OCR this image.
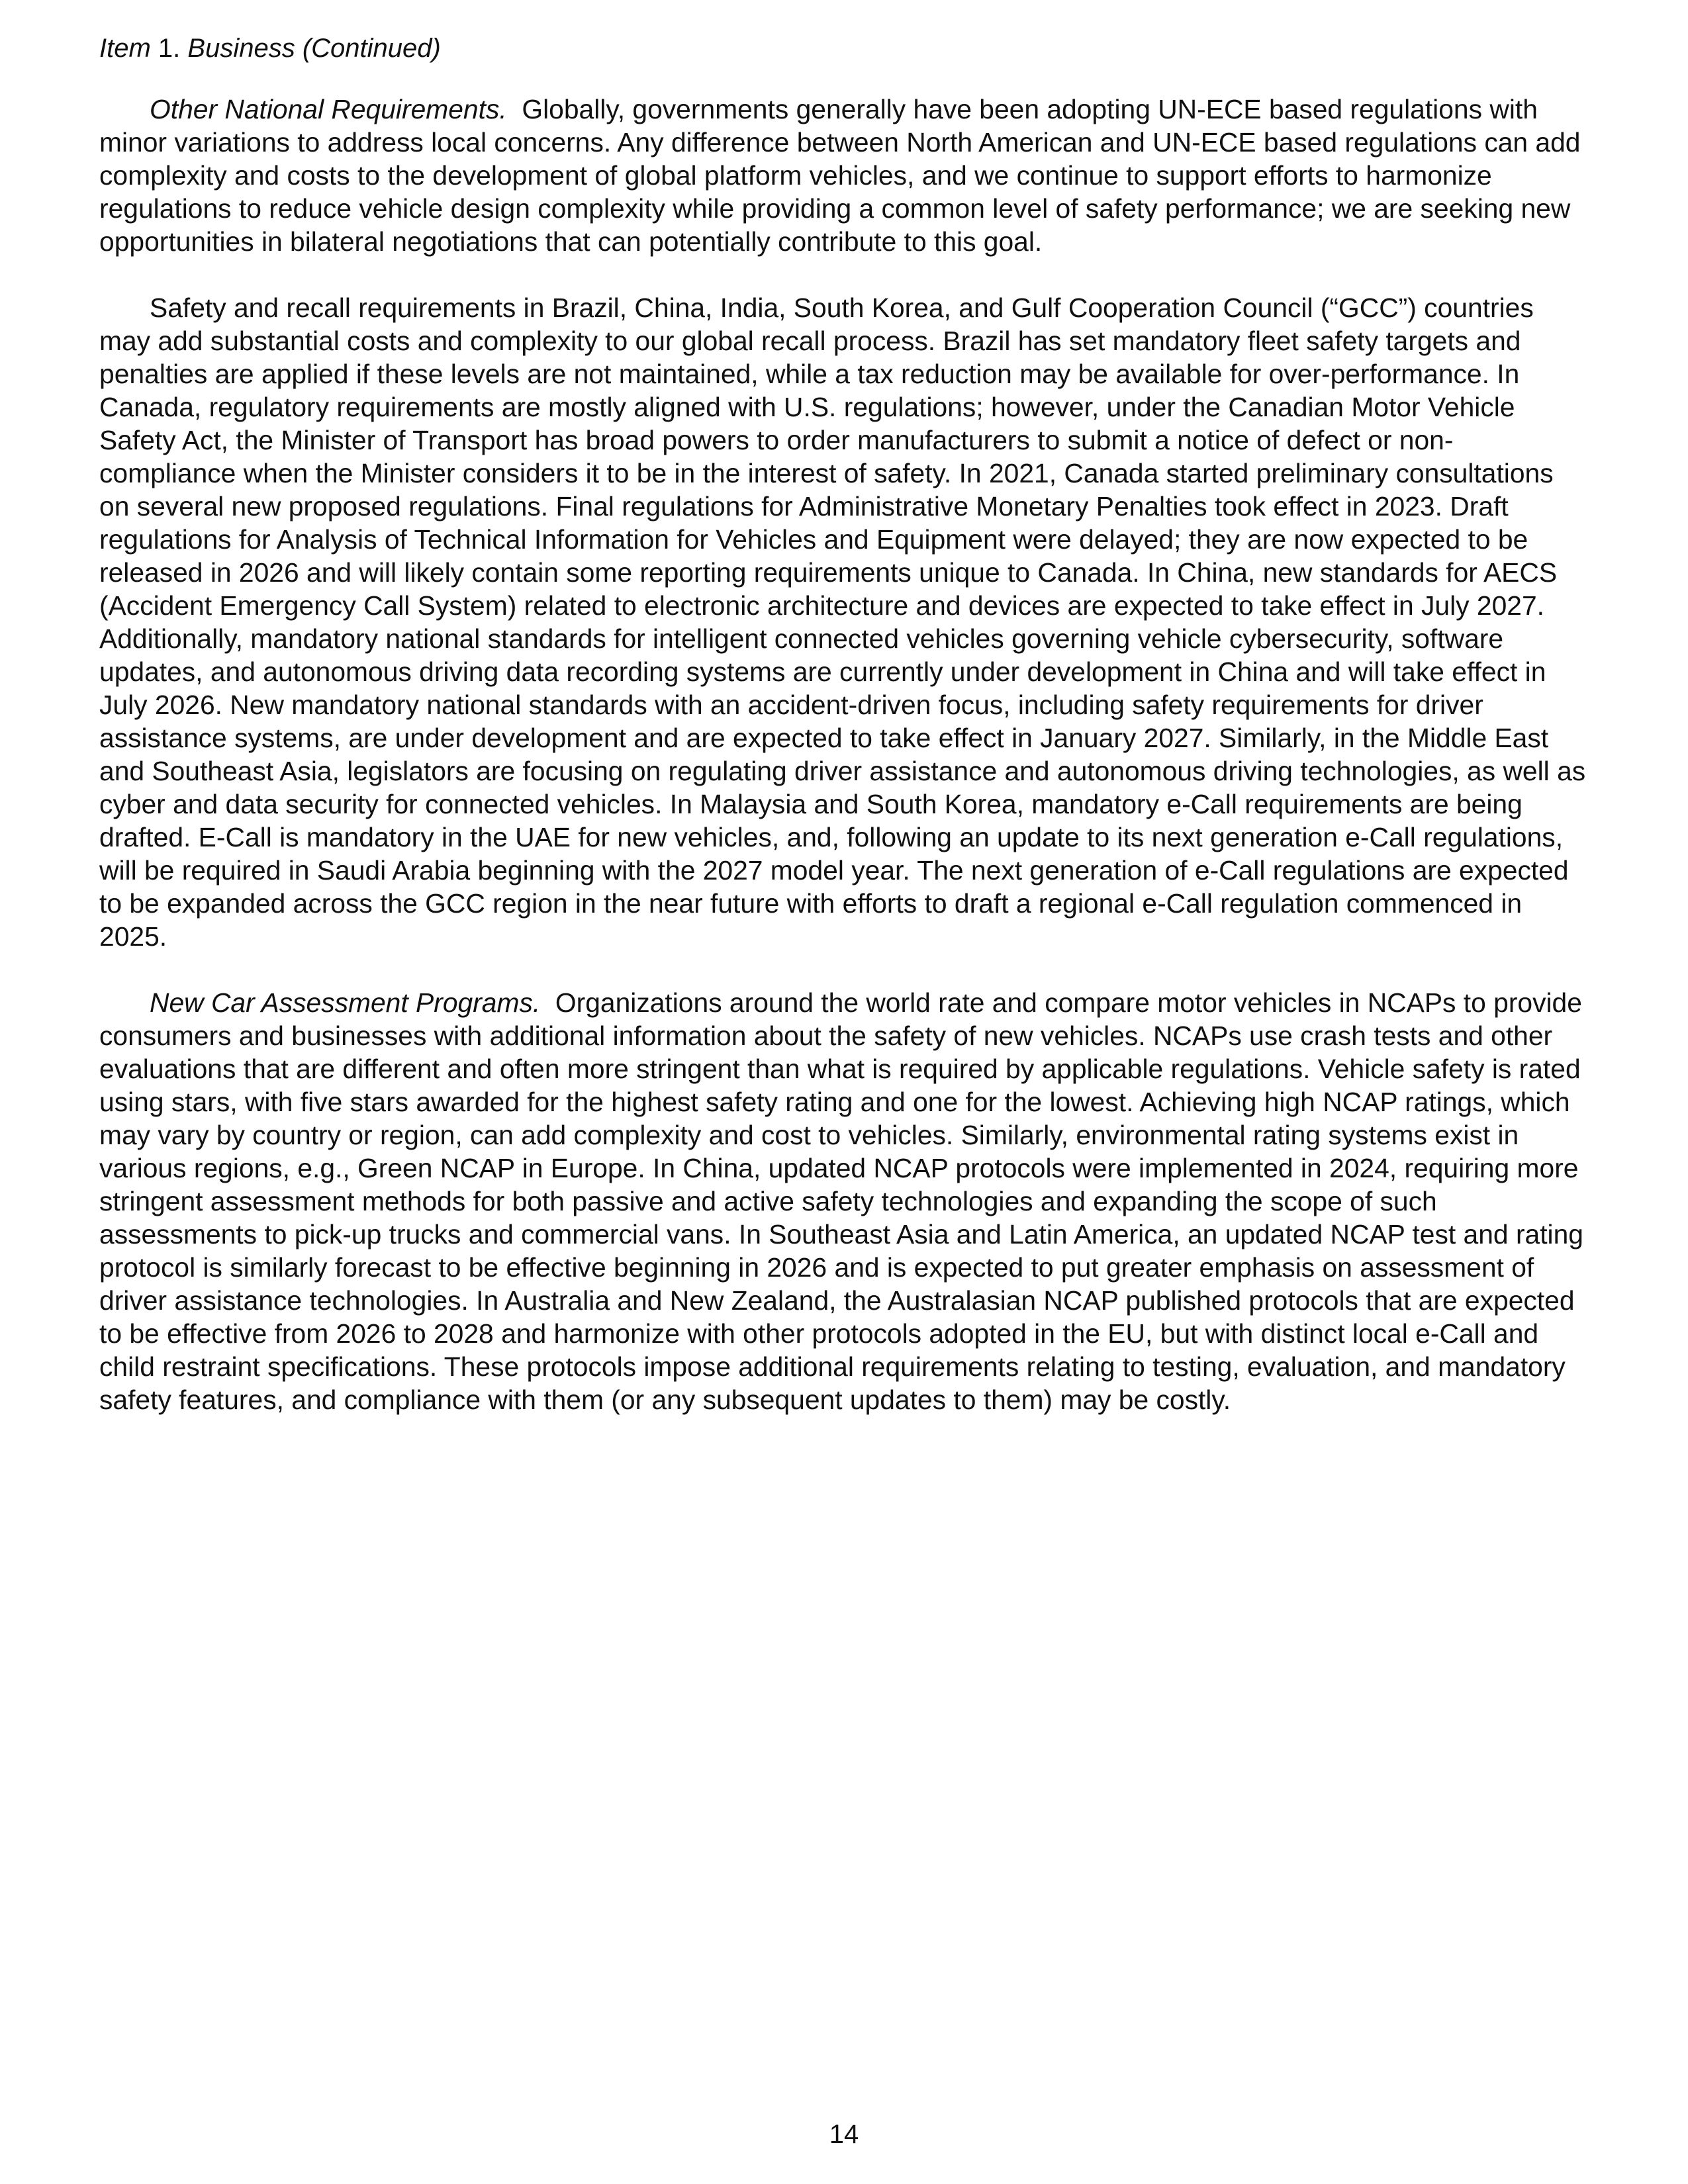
Item 1. Business (Continued)

Other National Requirements. Globally, governments generally have been adopting UN-ECE based regulations with minor variations to address local concerns. Any difference between North American and UN-ECE based regulations can add complexity and costs to the development of global platform vehicles, and we continue to support efforts to harmonize regulations to reduce vehicle design complexity while providing a common level of safety performance; we are seeking new opportunities in bilateral negotiations that can potentially contribute to this goal.

Safety and recall requirements in Brazil, China, India, South Korea, and Gulf Cooperation Council (“GCC”) countries may add substantial costs and complexity to our global recall process. Brazil has set mandatory fleet safety targets and penalties are applied if these levels are not maintained, while a tax reduction may be available for over-performance. In Canada, regulatory requirements are mostly aligned with U.S. regulations; however, under the Canadian Motor Vehicle Safety Act, the Minister of Transport has broad powers to order manufacturers to submit a notice of defect or non-compliance when the Minister considers it to be in the interest of safety. In 2021, Canada started preliminary consultations on several new proposed regulations. Final regulations for Administrative Monetary Penalties took effect in 2023. Draft regulations for Analysis of Technical Information for Vehicles and Equipment were delayed; they are now expected to be released in 2026 and will likely contain some reporting requirements unique to Canada. In China, new standards for AECS (Accident Emergency Call System) related to electronic architecture and devices are expected to take effect in July 2027. Additionally, mandatory national standards for intelligent connected vehicles governing vehicle cybersecurity, software updates, and autonomous driving data recording systems are currently under development in China and will take effect in July 2026. New mandatory national standards with an accident-driven focus, including safety requirements for driver assistance systems, are under development and are expected to take effect in January 2027. Similarly, in the Middle East and Southeast Asia, legislators are focusing on regulating driver assistance and autonomous driving technologies, as well as cyber and data security for connected vehicles. In Malaysia and South Korea, mandatory e-Call requirements are being drafted. E-Call is mandatory in the UAE for new vehicles, and, following an update to its next generation e-Call regulations, will be required in Saudi Arabia beginning with the 2027 model year. The next generation of e-Call regulations are expected to be expanded across the GCC region in the near future with efforts to draft a regional e-Call regulation commenced in 2025.

New Car Assessment Programs. Organizations around the world rate and compare motor vehicles in NCAPs to provide consumers and businesses with additional information about the safety of new vehicles. NCAPs use crash tests and other evaluations that are different and often more stringent than what is required by applicable regulations. Vehicle safety is rated using stars, with five stars awarded for the highest safety rating and one for the lowest. Achieving high NCAP ratings, which may vary by country or region, can add complexity and cost to vehicles. Similarly, environmental rating systems exist in various regions, e.g., Green NCAP in Europe. In China, updated NCAP protocols were implemented in 2024, requiring more stringent assessment methods for both passive and active safety technologies and expanding the scope of such assessments to pick-up trucks and commercial vans. In Southeast Asia and Latin America, an updated NCAP test and rating protocol is similarly forecast to be effective beginning in 2026 and is expected to put greater emphasis on assessment of driver assistance technologies. In Australia and New Zealand, the Australasian NCAP published protocols that are expected to be effective from 2026 to 2028 and harmonize with other protocols adopted in the EU, but with distinct local e-Call and child restraint specifications. These protocols impose additional requirements relating to testing, evaluation, and mandatory safety features, and compliance with them (or any subsequent updates to them) may be costly.

14
